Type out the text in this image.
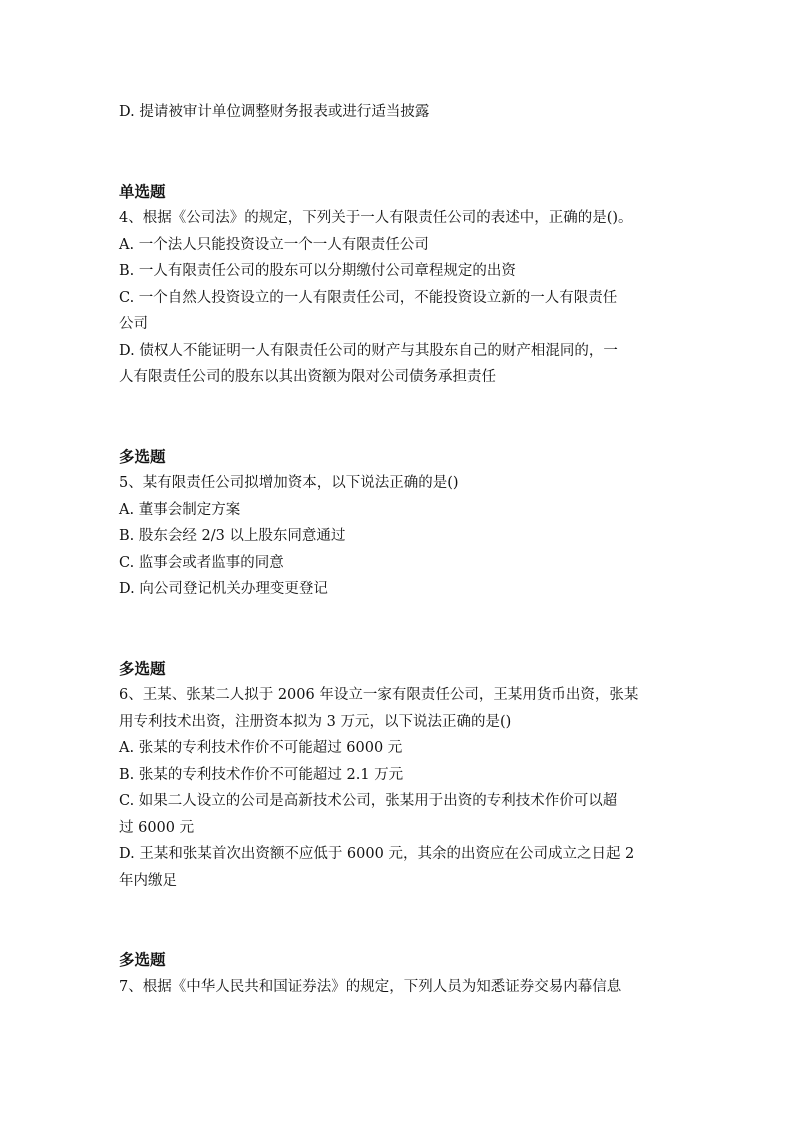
D. 提请被审计单位调整财务报表或进行适当披露
单选题
4、根据《公司法》的规定，下列关于一人有限责任公司的表述中，正确的是()。
A. 一个法人只能投资设立一个一人有限责任公司
B. 一人有限责任公司的股东可以分期缴付公司章程规定的出资
C. 一个自然人投资设立的一人有限责任公司，不能投资设立新的一人有限责任
公司
D. 债权人不能证明一人有限责任公司的财产与其股东自己的财产相混同的，一
人有限责任公司的股东以其出资额为限对公司债务承担责任
多选题
5、某有限责任公司拟增加资本，以下说法正确的是()
A. 董事会制定方案
B. 股东会经 2/3 以上股东同意通过
C. 监事会或者监事的同意
D. 向公司登记机关办理变更登记
多选题
6、王某、张某二人拟于 2006 年设立一家有限责任公司，王某用货币出资，张某
用专利技术出资，注册资本拟为 3 万元，以下说法正确的是()
A. 张某的专利技术作价不可能超过 6000 元
B. 张某的专利技术作价不可能超过 2.1 万元
C. 如果二人设立的公司是高新技术公司，张某用于出资的专利技术作价可以超
过 6000 元
D. 王某和张某首次出资额不应低于 6000 元，其余的出资应在公司成立之日起 2
年内缴足
多选题
7、根据《中华人民共和国证券法》的规定，下列人员为知悉证券交易内幕信息
